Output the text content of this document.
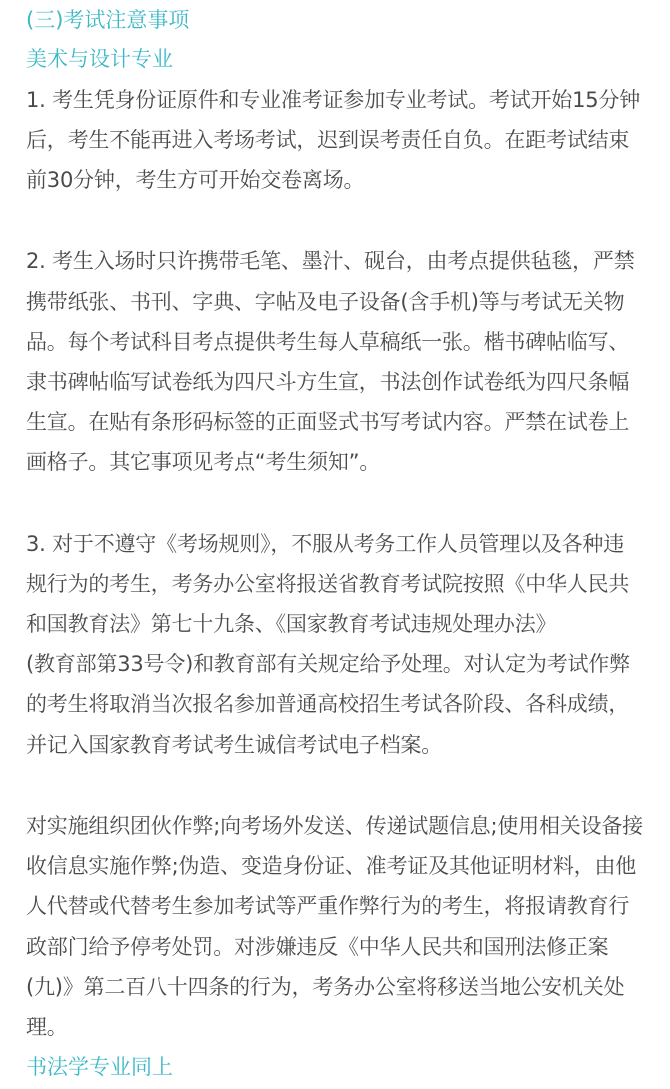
(三)考试注意事项
美术与设计专业
1. 考生凭身份证原件和专业准考证参加专业考试。考试开始15分钟
后，考生不能再进入考场考试，迟到误考责任自负。在距考试结束
前30分钟，考生方可开始交卷离场。
2. 考生入场时只许携带毛笔、墨汁、砚台，由考点提供毡毯，严禁
携带纸张、书刊、字典、字帖及电子设备(含手机)等与考试无关物
品。每个考试科目考点提供考生每人草稿纸一张。楷书碑帖临写、
隶书碑帖临写试卷纸为四尺斗方生宣，书法创作试卷纸为四尺条幅
生宣。在贴有条形码标签的正面竖式书写考试内容。严禁在试卷上
画格子。其它事项见考点“考生须知”。
3. 对于不遵守《考场规则》，不服从考务工作人员管理以及各种违
规行为的考生，考务办公室将报送省教育考试院按照《中华人民共
和国教育法》第七十九条、《国家教育考试违规处理办法》
(教育部第33号令)和教育部有关规定给予处理。对认定为考试作弊
的考生将取消当次报名参加普通高校招生考试各阶段、各科成绩，
并记入国家教育考试考生诚信考试电子档案。
对实施组织团伙作弊;向考场外发送、传递试题信息;使用相关设备接
收信息实施作弊;伪造、变造身份证、准考证及其他证明材料，由他
人代替或代替考生参加考试等严重作弊行为的考生，将报请教育行
政部门给予停考处罚。对涉嫌违反《中华人民共和国刑法修正案
(九)》第二百八十四条的行为，考务办公室将移送当地公安机关处
理。
书法学专业同上
